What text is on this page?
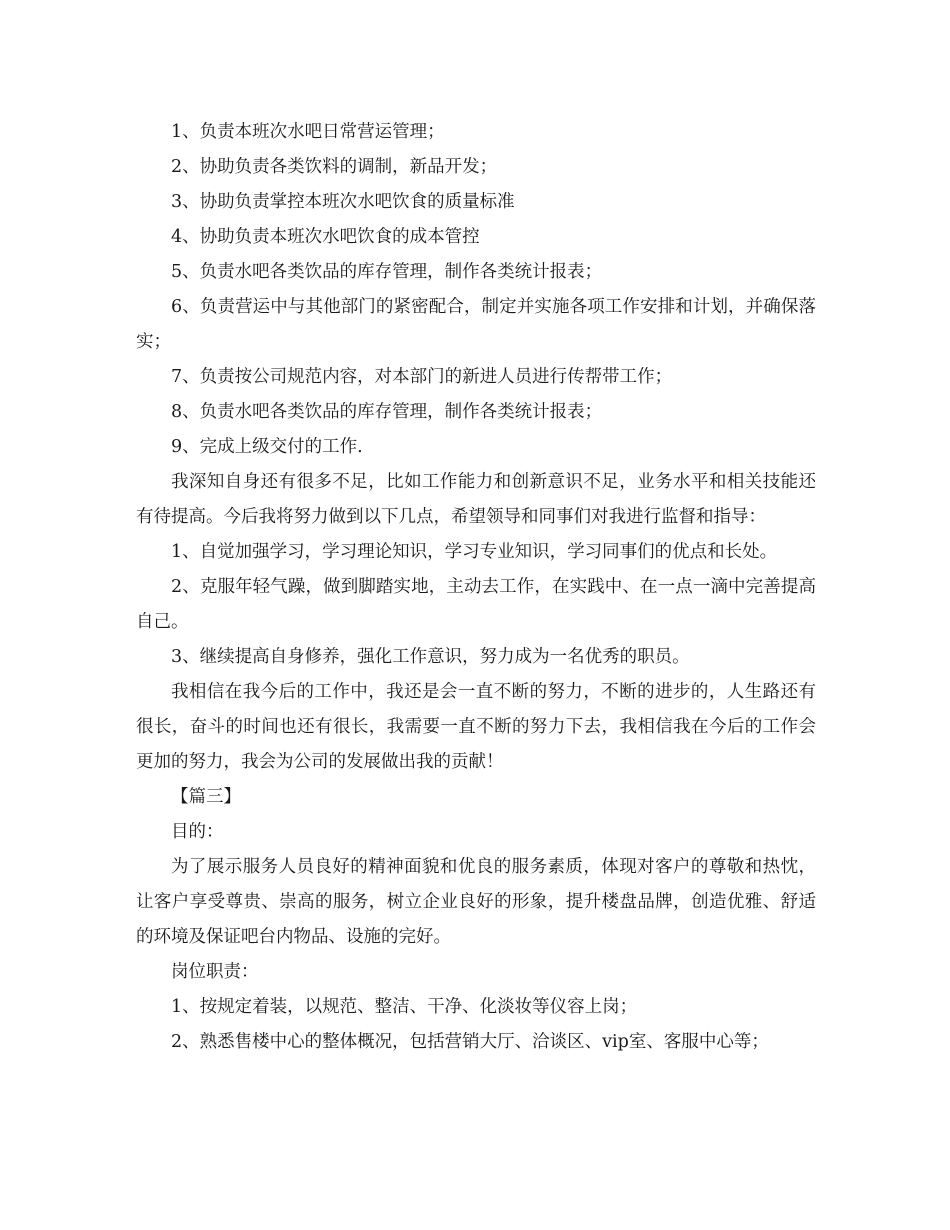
1、负责本班次水吧日常营运管理；

2、协助负责各类饮料的调制，新品开发；

3、协助负责掌控本班次水吧饮食的质量标准

4、协助负责本班次水吧饮食的成本管控

5、负责水吧各类饮品的库存管理，制作各类统计报表；

6、负责营运中与其他部门的紧密配合，制定并实施各项工作安排和计划，并确保落实；

7、负责按公司规范内容，对本部门的新进人员进行传帮带工作；

8、负责水吧各类饮品的库存管理，制作各类统计报表；

9、完成上级交付的工作.

我深知自身还有很多不足，比如工作能力和创新意识不足，业务水平和相关技能还有待提高。今后我将努力做到以下几点，希望领导和同事们对我进行监督和指导：

1、自觉加强学习，学习理论知识，学习专业知识，学习同事们的优点和长处。

2、克服年轻气躁，做到脚踏实地，主动去工作，在实践中、在一点一滴中完善提高自己。

3、继续提高自身修养，强化工作意识，努力成为一名优秀的职员。

我相信在我今后的工作中，我还是会一直不断的努力，不断的进步的，人生路还有很长，奋斗的时间也还有很长，我需要一直不断的努力下去，我相信我在今后的工作会更加的努力，我会为公司的发展做出我的贡献！

【篇三】

目的：

为了展示服务人员良好的精神面貌和优良的服务素质，体现对客户的尊敬和热忱，让客户享受尊贵、崇高的服务，树立企业良好的形象，提升楼盘品牌，创造优雅、舒适的环境及保证吧台内物品、设施的完好。

岗位职责：

1、按规定着装，以规范、整洁、干净、化淡妆等仪容上岗；

2、熟悉售楼中心的整体概况，包括营销大厅、洽谈区、vip室、客服中心等；
